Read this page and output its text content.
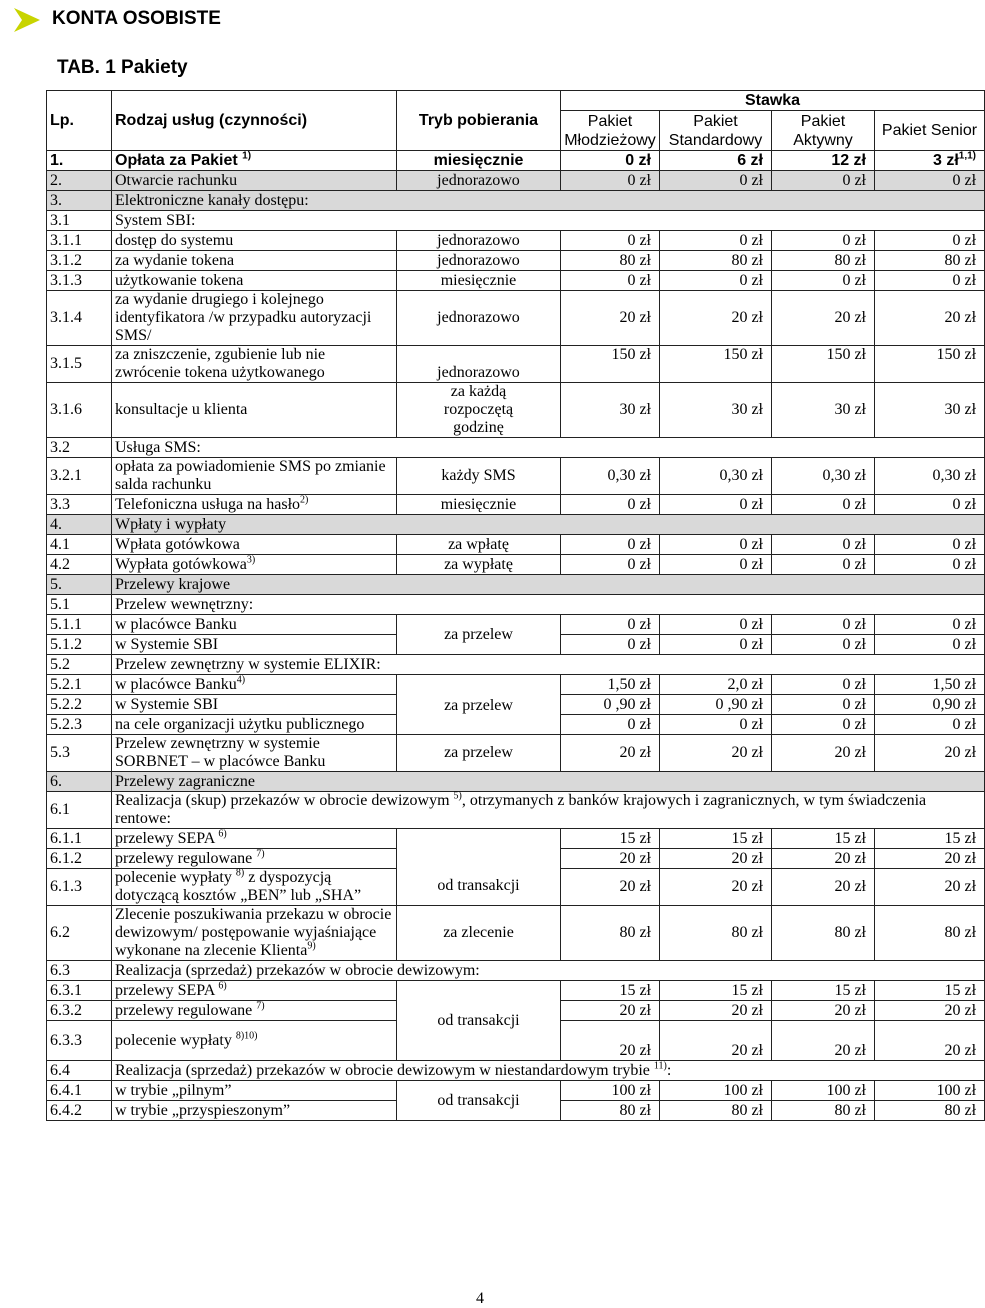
KONTA OSOBISTE
TAB. 1 Pakiety
Lp.	Rodzaj usług (czynności)	Tryb pobierania	Stawka			
			Pakiet Młodzieżowy	Pakiet Standardowy	Pakiet Aktywny	Pakiet Senior
1.	Opłata za Pakiet $^{1)}$	miesięcznie	0 zł	6 zł	12 zł	3 zł$^{1,1)}$
2.	Otwarcie rachunku	jednorazowo	0 zł	0 zł	0 zł	0 zł
3.	Elektroniczne kanały dostępu:					
3.1	System SBI:					
3.1.1	dostęp do systemu	jednorazowo	0 zł	0 zł	0 zł	0 zł
3.1.2	za wydanie tokena	jednorazowo	80 zł	80 zł	80 zł	80 zł
3.1.3	użytkowanie tokena	miesięcznie	0 zł	0 zł	0 zł	0 zł
3.1.4	za wydanie drugiego i kolejnego identyfikatora /w przypadku autoryzacji SMS/	jednorazowo	20 zł	20 zł	20 zł	20 zł
3.1.5	za zniszczenie, zgubienie lub nie zwrócenie tokena użytkowanego	jednorazowo	150 zł	150 zł	150 zł	150 zł
3.1.6	konsultacje u klienta	za każdą rozpoczętą godzinę	30 zł	30 zł	30 zł	30 zł
3.2	Usługa SMS:					
3.2.1	opłata za powiadomienie SMS po zmianie salda rachunku	każdy SMS	0,30 zł	0,30 zł	0,30 zł	0,30 zł
3.3	Telefoniczna usługa na hasło$^{2)}$	miesięcznie	0 zł	0 zł	0 zł	0 zł
4.	Wpłaty i wypłaty					
4.1	Wpłata gotówkowa	za wpłatę	0 zł	0 zł	0 zł	0 zł
4.2	Wypłata gotówkowa$^{3)}$	za wypłatę	0 zł	0 zł	0 zł	0 zł
5.	Przelewy krajowe					
5.1	Przelew wewnętrzny:					
5.1.1	w placówce Banku	za przelew	0 zł	0 zł	0 zł	0 zł
5.1.2	w Systemie SBI		0 zł	0 zł	0 zł	0 zł
5.2	Przelew zewnętrzny w systemie ELIXIR:					
5.2.1	w placówce Banku$^{4)}$	za przelew	1,50 zł	2,0 zł	0 zł	1,50 zł
5.2.2	w Systemie SBI		0 ,90 zł	0 ,90 zł	0 zł	0,90 zł
5.2.3	na cele organizacji użytku publicznego		0 zł	0 zł	0 zł	0 zł
5.3	Przelew zewnętrzny w systemie SORBNET – w placówce Banku	za przelew	20 zł	20 zł	20 zł	20 zł
6.	Przelewy zagraniczne					
6.1	Realizacja (skup) przekazów w obrocie dewizowym $^{5)}$, otrzymanych z banków krajowych i zagranicznych, w tym świadczenia rentowe:					
6.1.1	przelewy SEPA $^{6)}$	od transakcji	15 zł	15 zł	15 zł	15 zł
6.1.2	przelewy regulowane $^{7)}$		20 zł	20 zł	20 zł	20 zł
6.1.3	polecenie wypłaty $^{8)}$ z dyspozycją dotyczącą kosztów „BEN” lub „SHA”		20 zł	20 zł	20 zł	20 zł
6.2	Zlecenie poszukiwania przekazu w obrocie dewizowym/ postępowanie wyjaśniające wykonane na zlecenie Klienta$^{9)}$	za zlecenie	80 zł	80 zł	80 zł	80 zł
6.3	Realizacja (sprzedaż) przekazów w obrocie dewizowym:					
6.3.1	przelewy SEPA $^{6)}$	od transakcji	15 zł	15 zł	15 zł	15 zł
6.3.2	przelewy regulowane $^{7)}$		20 zł	20 zł	20 zł	20 zł
6.3.3	polecenie wypłaty $^{8)10)}$		20 zł	20 zł	20 zł	20 zł
6.4	Realizacja (sprzedaż) przekazów w obrocie dewizowym w niestandardowym trybie $^{11)}$:					
6.4.1	w trybie „pilnym”	od transakcji	100 zł	100 zł	100 zł	100 zł
6.4.2	w trybie „przyspieszonym”		80 zł	80 zł	80 zł	80 zł
4
